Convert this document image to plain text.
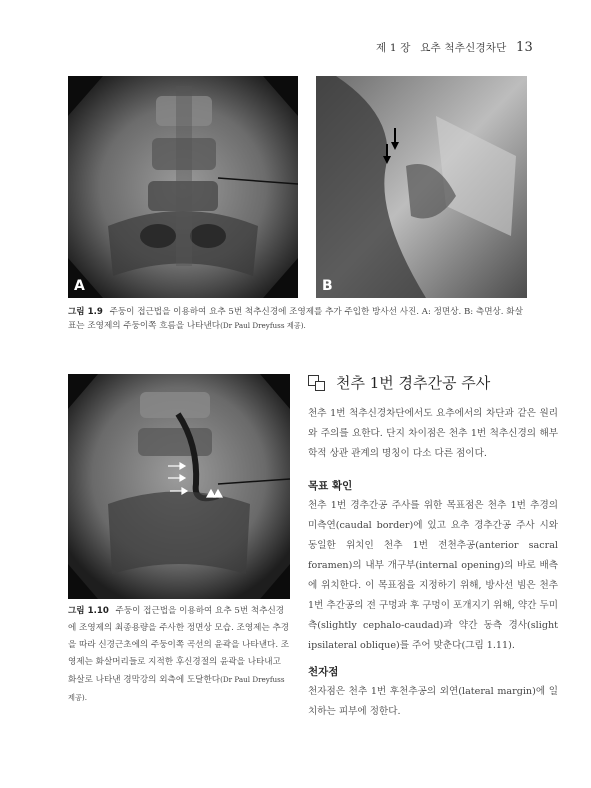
제 1 장 요추 척추신경차단 13
A	B
그림 1.9 주둥이 접근법을 이용하여 요추 5번 척추신경에 조영제를 추가 주입한 방사선 사진. A: 정면상. B: 측면상. 화살표는 조영제의 주둥이쪽 흐름을 나타낸다(Dr Paul Dreyfuss 제공).
그림 1.10 주둥이 접근법을 이용하여 요추 5번 척추신경에 조영제의 최종용량을 주사한 정면상 모습. 조영제는 추경을 따라 신경근초에의 주둥이쪽 곡선의 윤곽을 나타낸다. 조영제는 화살머리들로 지적한 후신경절의 윤곽을 나타내고 화살로 나타낸 경막강의 외측에 도달한다(Dr Paul Dreyfuss 제공).
천추 1번 경추간공 주사

천추 1번 척추신경차단에서도 요추에서의 차단과 같은 원리와 주의를 요한다. 단지 차이점은 천추 1번 척추신경의 해부학적 상관 관계의 명칭이 다소 다른 점이다.

목표 확인

천추 1번 경추간공 주사를 위한 목표점은 천추 1번 추경의 미측연(caudal border)에 있고 요추 경추간공 주사 시와 동일한 위치인 천추 1번 전천추공(anterior sacral foramen)의 내부 개구부(internal opening)의 바로 배측에 위치한다. 이 목표점을 지정하기 위해, 방사선 빔은 천추 1번 추간공의 전 구멍과 후 구멍이 포개지기 위해, 약간 두미측(slightly cephalo-caudad)과 약간 동측 경사(slight ipsilateral oblique)를 주어 맞춘다(그림 1.11).

천자점

천자점은 천추 1번 후천추공의 외연(lateral margin)에 일치하는 피부에 정한다.
